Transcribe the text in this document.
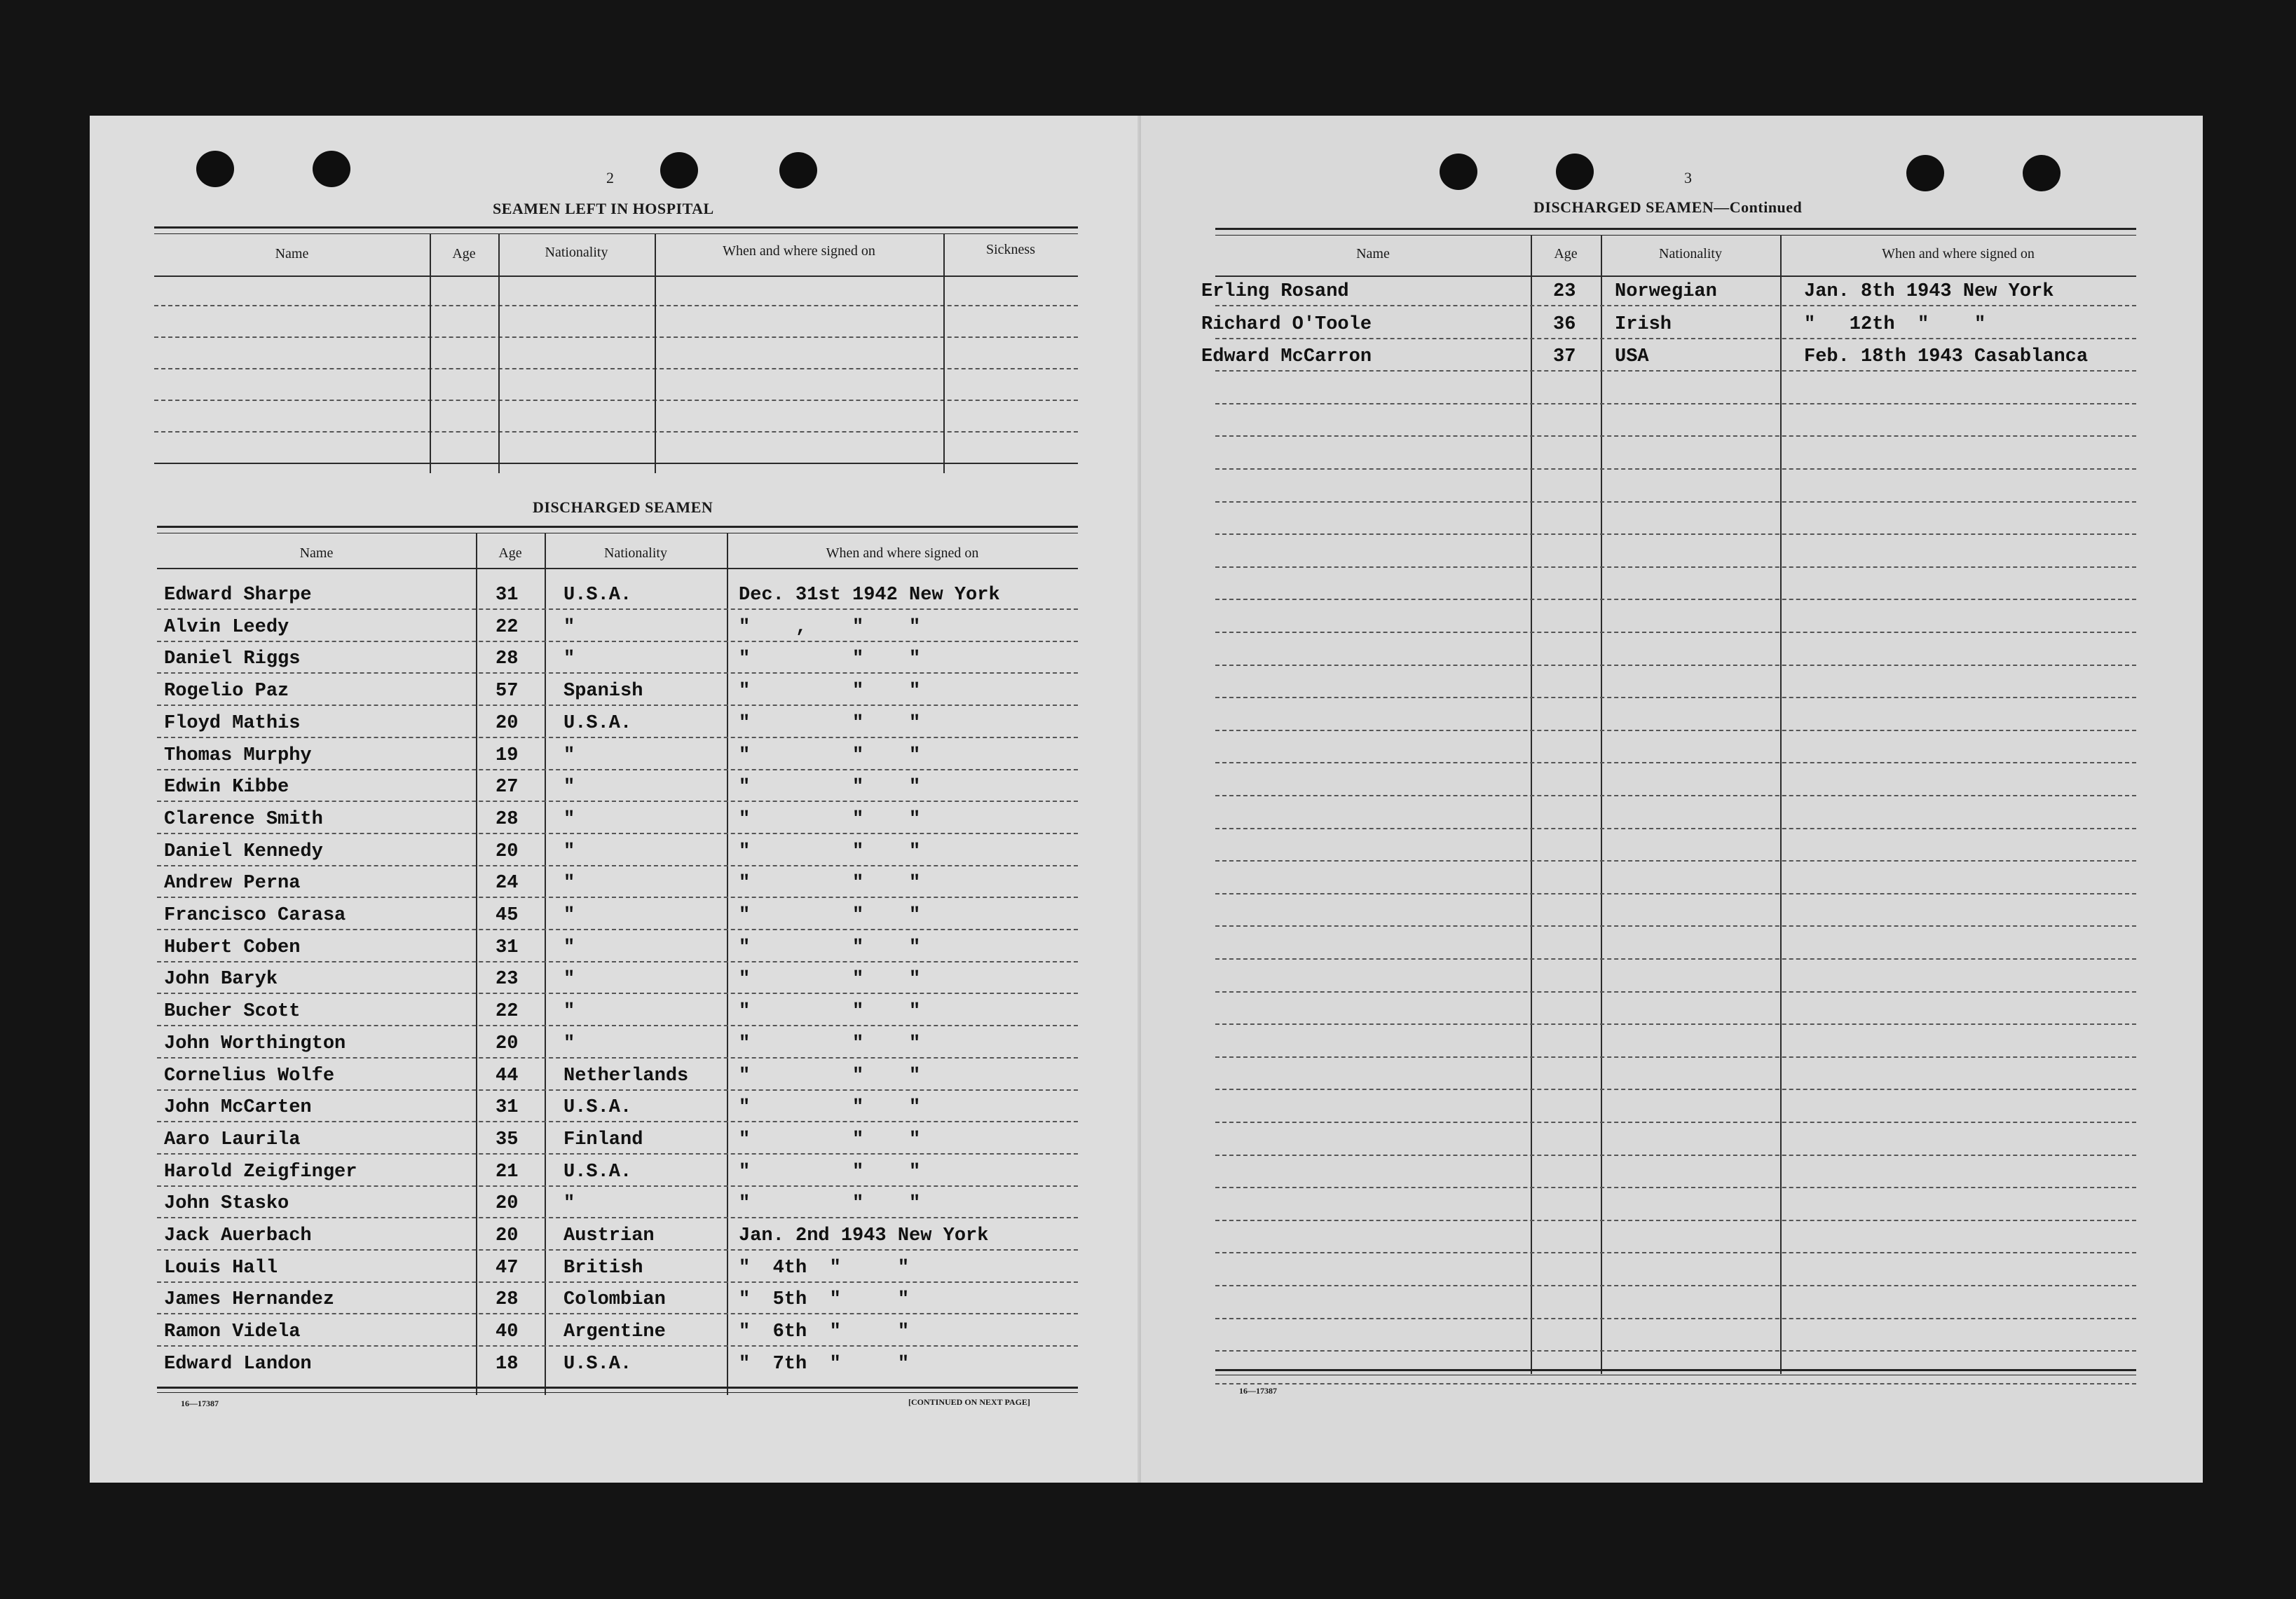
2
SEAMEN LEFT IN HOSPITAL
Name	Age	Nationality	When and where signed on	Sickness
DISCHARGED SEAMEN
Name	Age	Nationality	When and where signed on
Edward Sharpe	31 U.S.A.	Dec. 31st 1942 New York
Alvin Leedy	22 "	"    ,    "    "
Daniel Riggs	28 "	"         "    "
Rogelio Paz	57 Spanish	"         "    "
Floyd Mathis	20 U.S.A.	"         "    "
Thomas Murphy	19 "	"         "    "
Edwin Kibbe	27 "	"         "    "
Clarence Smith	28 "	"         "    "
Daniel Kennedy	20 "	"         "    "
Andrew Perna	24 "	"         "    "
Francisco Carasa	45 "	"         "    "
Hubert Coben	31 "	"         "    "
John Baryk	23 "	"         "    "
Bucher Scott	22 "	"         "    "
John Worthington	20 "	"         "    "
Cornelius Wolfe	44 Netherlands	"         "    "
John McCarten	31 U.S.A.	"         "    "
Aaro Laurila	35 Finland	"         "    "
Harold Zeigfinger	21 U.S.A.	"         "    "
John Stasko	20 "	"         "    "
Jack Auerbach	20 Austrian	Jan. 2nd 1943 New York
Louis Hall	47 British	"  4th  "     "
James Hernandez	28 Colombian	"  5th  "     "
Ramon Videla	40 Argentine	"  6th  "     "
Edward Landon	18 U.S.A.	"  7th  "     "
16—17387	[CONTINUED ON NEXT PAGE]
3
DISCHARGED SEAMEN—Continued
Name	Age	Nationality	When and where signed on
Erling Rosand	23 Norwegian	Jan. 8th 1943 New York
Richard O'Toole	36 Irish	"   12th  "    "
Edward McCarron	37 USA	Feb. 18th 1943 Casablanca
16—17387
